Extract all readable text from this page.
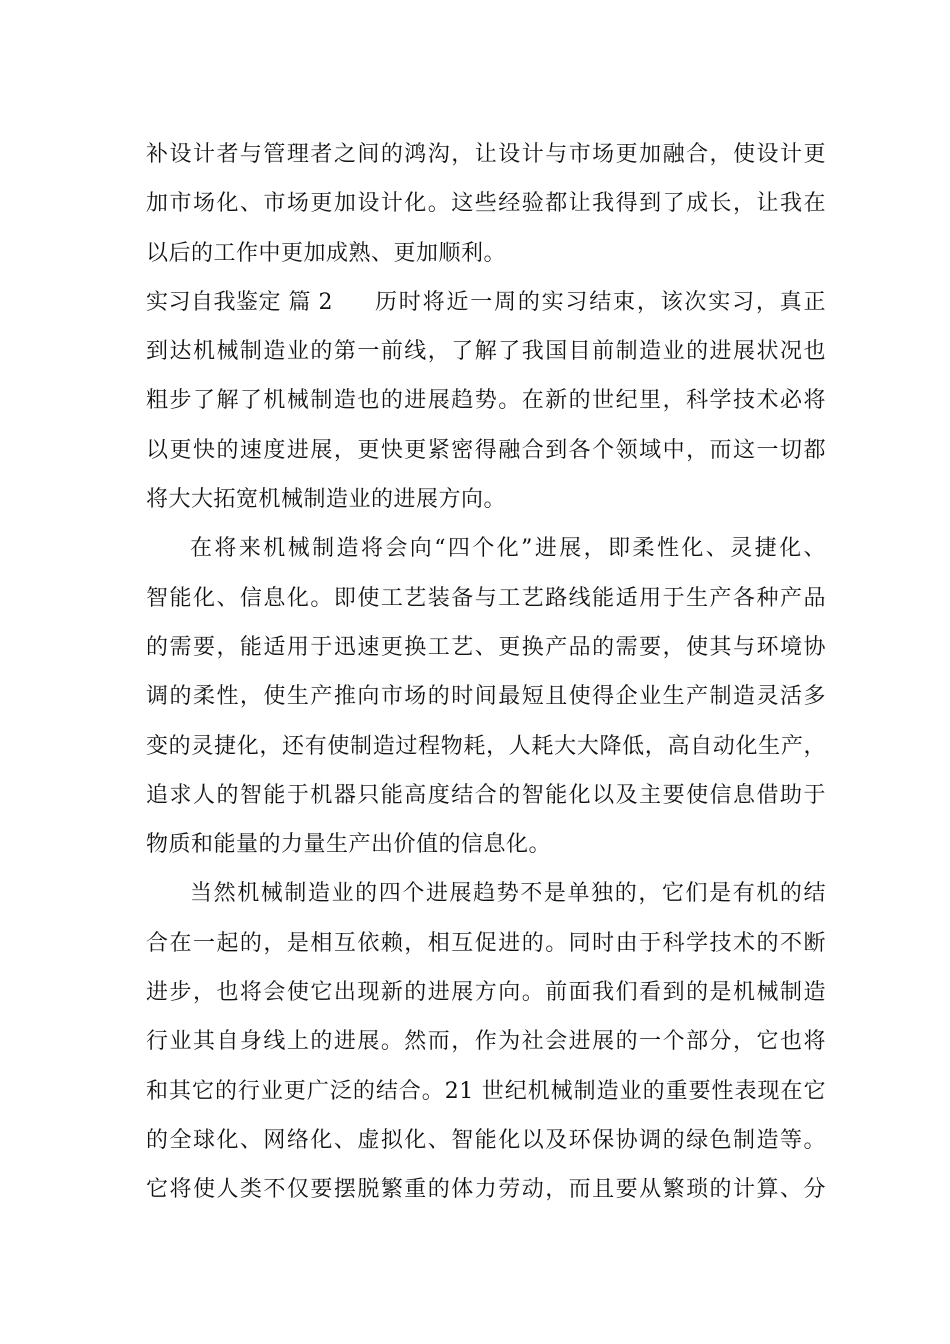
补设计者与管理者之间的鸿沟，让设计与市场更加融合，使设计更
加市场化、市场更加设计化。这些经验都让我得到了成长，让我在
以后的工作中更加成熟、更加顺利。
实习自我鉴定 篇 2 历时将近一周的实习结束，该次实习，真正
到达机械制造业的第一前线，了解了我国目前制造业的进展状况也
粗步了解了机械制造也的进展趋势。在新的世纪里，科学技术必将
以更快的速度进展，更快更紧密得融合到各个领域中，而这一切都
将大大拓宽机械制造业的进展方向。
在将来机械制造将会向“四个化”进展，即柔性化、灵捷化、
智能化、信息化。即使工艺装备与工艺路线能适用于生产各种产品
的需要，能适用于迅速更换工艺、更换产品的需要，使其与环境协
调的柔性，使生产推向市场的时间最短且使得企业生产制造灵活多
变的灵捷化，还有使制造过程物耗，人耗大大降低，高自动化生产，
追求人的智能于机器只能高度结合的智能化以及主要使信息借助于
物质和能量的力量生产出价值的信息化。
当然机械制造业的四个进展趋势不是单独的，它们是有机的结
合在一起的，是相互依赖，相互促进的。同时由于科学技术的不断
进步，也将会使它出现新的进展方向。前面我们看到的是机械制造
行业其自身线上的进展。然而，作为社会进展的一个部分，它也将
和其它的行业更广泛的结合。21 世纪机械制造业的重要性表现在它
的全球化、网络化、虚拟化、智能化以及环保协调的绿色制造等。
它将使人类不仅要摆脱繁重的体力劳动，而且要从繁琐的计算、分
